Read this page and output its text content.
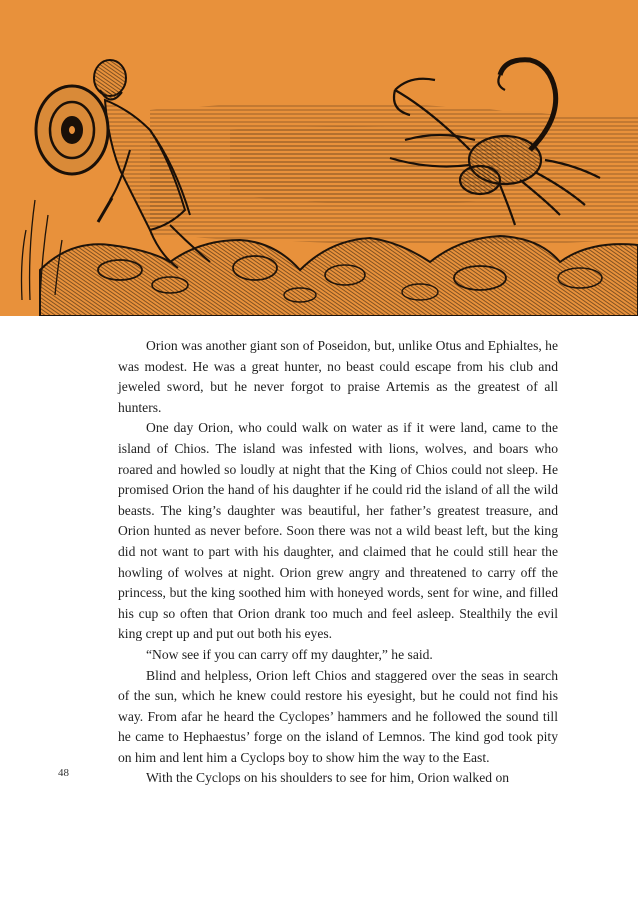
Orion was another giant son of Poseidon, but, unlike Otus and Ephialtes, he was modest. He was a great hunter, no beast could escape from his club and jeweled sword, but he never forgot to praise Artemis as the greatest of all hunters.

One day Orion, who could walk on water as if it were land, came to the island of Chios. The island was infested with lions, wolves, and boars who roared and howled so loudly at night that the King of Chios could not sleep. He promised Orion the hand of his daughter if he could rid the island of all the wild beasts. The king’s daughter was beautiful, her father’s greatest treasure, and Orion hunted as never before. Soon there was not a wild beast left, but the king did not want to part with his daughter, and claimed that he could still hear the howling of wolves at night. Orion grew angry and threatened to carry off the princess, but the king soothed him with honeyed words, sent for wine, and filled his cup so often that Orion drank too much and feel asleep. Stealthily the evil king crept up and put out both his eyes.

“Now see if you can carry off my daughter,” he said.

Blind and helpless, Orion left Chios and staggered over the seas in search of the sun, which he knew could restore his eyesight, but he could not find his way. From afar he heard the Cyclopes’ hammers and he followed the sound till he came to Hephaestus’ forge on the island of Lemnos. The kind god took pity on him and lent him a Cyclops boy to show him the way to the East.

With the Cyclops on his shoulders to see for him, Orion walked on

48
